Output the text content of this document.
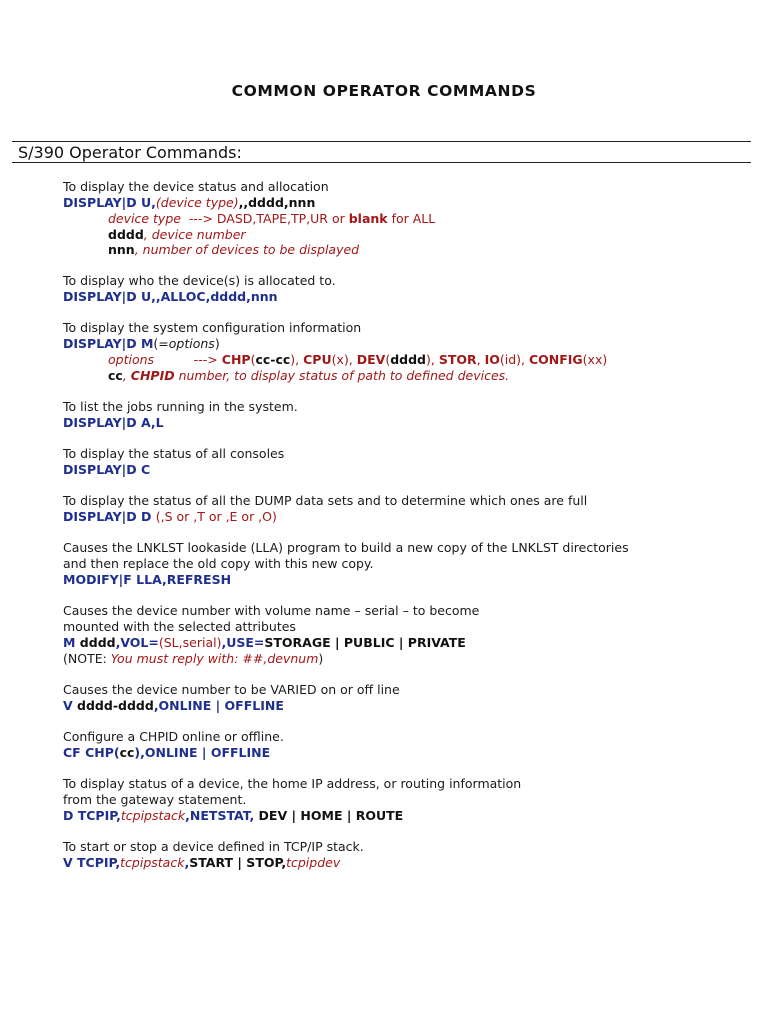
COMMON OPERATOR COMMANDS
S/390 Operator Commands:
To display the device status and allocation
DISPLAY|D U,(device type),,dddd,nnn
device type  ---> DASD,TAPE,TP,UR or blank for ALL
dddd, device number
nnn, number of devices to be displayed
To display who the device(s) is allocated to.
DISPLAY|D U,,ALLOC,dddd,nnn
To display the system configuration information
DISPLAY|D M(=options)
options          ---> CHP(cc-cc), CPU(x), DEV(dddd), STOR, IO(id), CONFIG(xx)
cc, CHPID number, to display status of path to defined devices.
To list the jobs running in the system.
DISPLAY|D A,L
To display the status of all consoles
DISPLAY|D C
To display the status of all the DUMP data sets and to determine which ones are full
DISPLAY|D D (,S or ,T or ,E or ,O)
Causes the LNKLST lookaside (LLA) program to build a new copy of the LNKLST directories
and then replace the old copy with this new copy.
MODIFY|F LLA,REFRESH
Causes the device number with volume name – serial – to become
mounted with the selected attributes
M dddd,VOL=(SL,serial),USE=STORAGE | PUBLIC | PRIVATE
(NOTE: You must reply with: ##,devnum)
Causes the device number to be VARIED on or off line
V dddd-dddd,ONLINE | OFFLINE
Configure a CHPID online or offline.
CF CHP(cc),ONLINE | OFFLINE
To display status of a device, the home IP address, or routing information
from the gateway statement.
D TCPIP,tcpipstack,NETSTAT, DEV | HOME | ROUTE
To start or stop a device defined in TCP/IP stack.
V TCPIP,tcpipstack,START | STOP,tcpipdev
